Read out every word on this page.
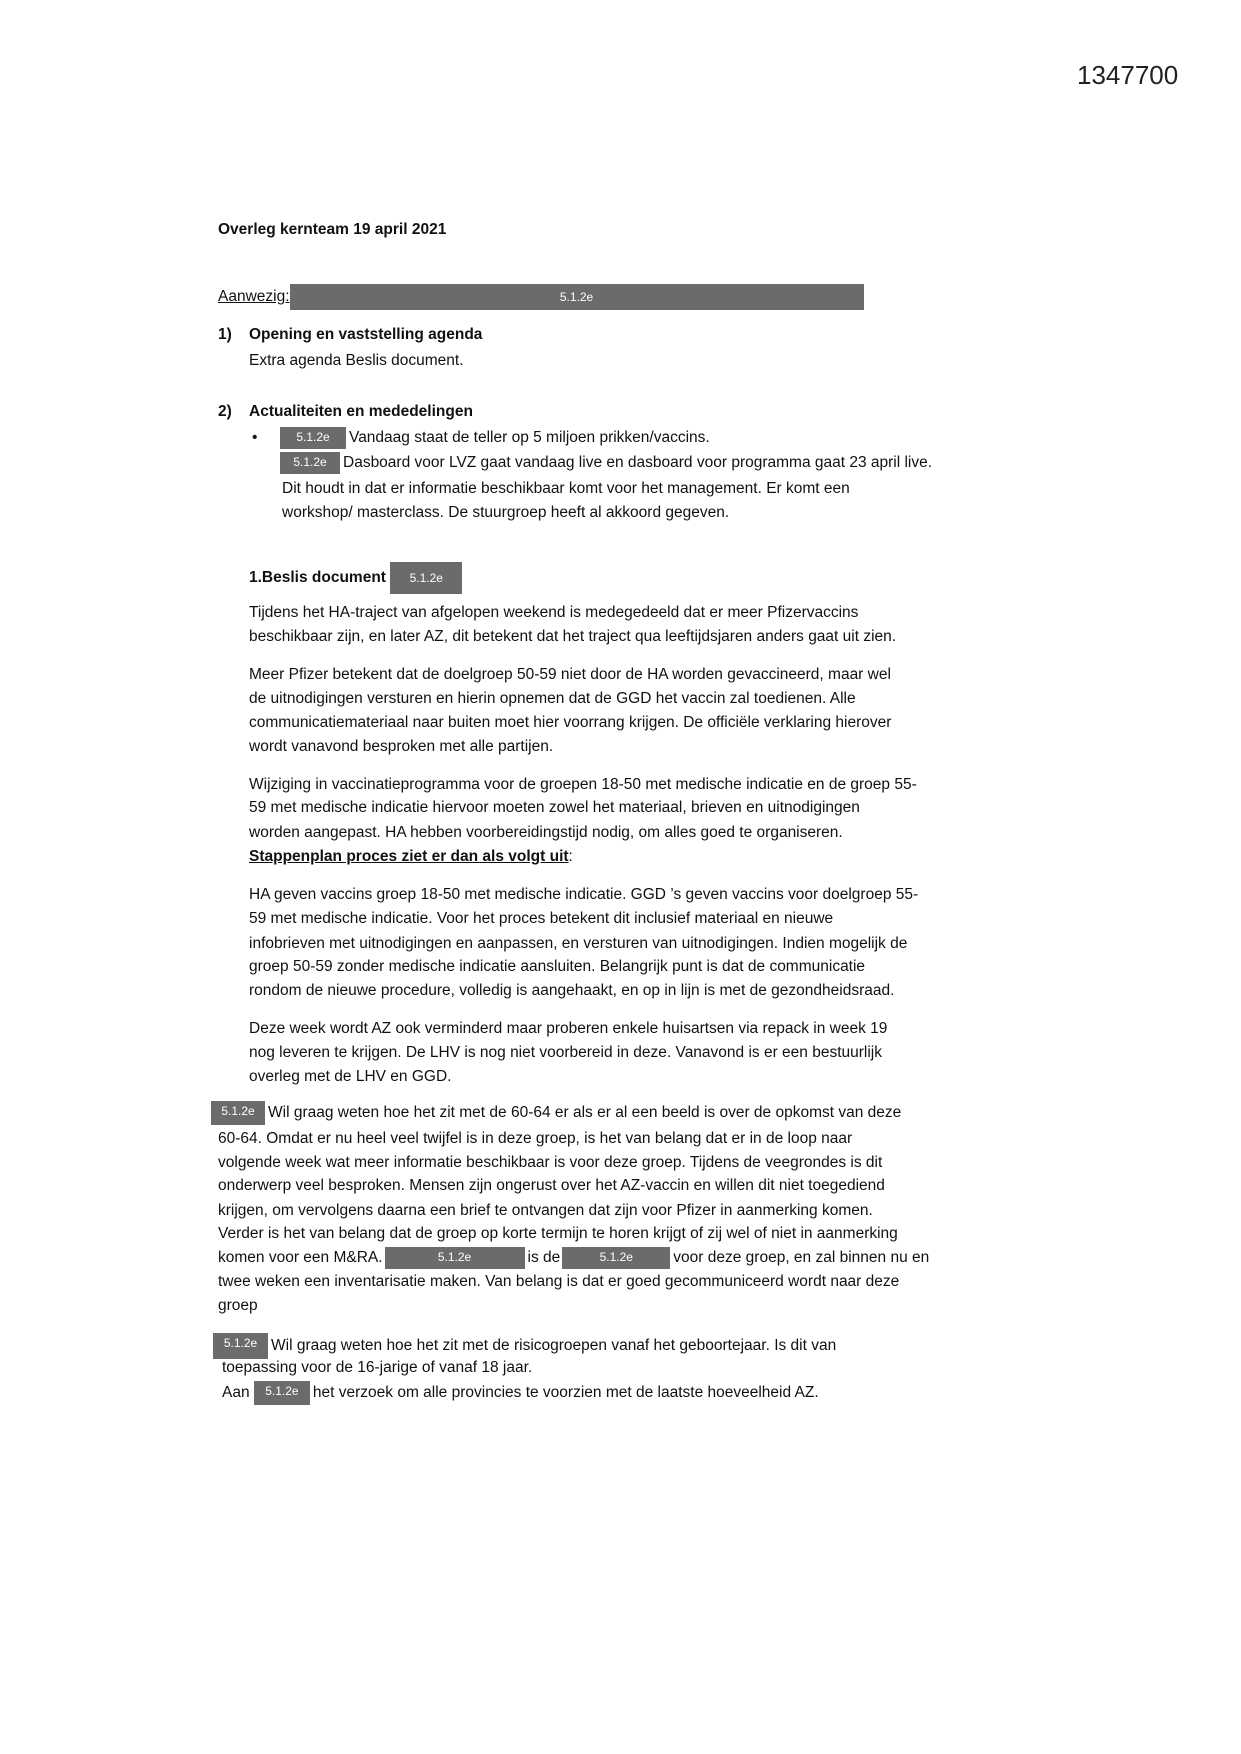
1347700
Overleg kernteam 19 april 2021
Aanwezig:	5.1.2e
1) Opening en vaststelling agenda
Extra agenda Beslis document.
2) Actualiteiten en mededelingen
•	5.1.2e Vandaag staat de teller op 5 miljoen prikken/vaccins.
5.1.2e Dasboard voor LVZ gaat vandaag live en dasboard voor programma gaat 23 april live.
Dit houdt in dat er informatie beschikbaar komt voor het management. Er komt een
workshop/ masterclass. De stuurgroep heeft al akkoord gegeven.
1.Beslis document 5.1.2e
Tijdens het HA-traject van afgelopen weekend is medegedeeld dat er meer Pfizervaccins
beschikbaar zijn, en later AZ, dit betekent dat het traject qua leeftijdsjaren anders gaat uit zien.
Meer Pfizer betekent dat de doelgroep 50-59 niet door de HA worden gevaccineerd, maar wel
de uitnodigingen versturen en hierin opnemen dat de GGD het vaccin zal toedienen. Alle
communicatiemateriaal naar buiten moet hier voorrang krijgen. De officiële verklaring hierover
wordt vanavond besproken met alle partijen.
Wijziging in vaccinatieprogramma voor de groepen 18-50 met medische indicatie en de groep 55-
59 met medische indicatie hiervoor moeten zowel het materiaal, brieven en uitnodigingen
worden aangepast. HA hebben voorbereidingstijd nodig, om alles goed te organiseren.
Stappenplan proces ziet er dan als volgt uit:
HA geven vaccins groep 18-50 met medische indicatie. GGD ’s geven vaccins voor doelgroep 55-
59 met medische indicatie. Voor het proces betekent dit inclusief materiaal en nieuwe
infobrieven met uitnodigingen en aanpassen, en versturen van uitnodigingen. Indien mogelijk de
groep 50-59 zonder medische indicatie aansluiten. Belangrijk punt is dat de communicatie
rondom de nieuwe procedure, volledig is aangehaakt, en op in lijn is met de gezondheidsraad.
Deze week wordt AZ ook verminderd maar proberen enkele huisartsen via repack in week 19
nog leveren te krijgen. De LHV is nog niet voorbereid in deze. Vanavond is er een bestuurlijk
overleg met de LHV en GGD.
5.1.2e Wil graag weten hoe het zit met de 60-64 er als er al een beeld is over de opkomst van deze
60-64. Omdat er nu heel veel twijfel is in deze groep, is het van belang dat er in de loop naar
volgende week wat meer informatie beschikbaar is voor deze groep. Tijdens de veegrondes is dit
onderwerp veel besproken. Mensen zijn ongerust over het AZ-vaccin en willen dit niet toegediend
krijgen, om vervolgens daarna een brief te ontvangen dat zijn voor Pfizer in aanmerking komen.
Verder is het van belang dat de groep op korte termijn te horen krijgt of zij wel of niet in aanmerking
komen voor een M&RA.	5.1.2e	is de	5.1.2e	voor deze groep, en zal binnen nu en
twee weken een inventarisatie maken. Van belang is dat er goed gecommuniceerd wordt naar deze
groep
5.1.2e Wil graag weten hoe het zit met de risicogroepen vanaf het geboortejaar. Is dit van
toepassing voor de 16-jarige of vanaf 18 jaar.
Aan 5.1.2e het verzoek om alle provincies te voorzien met de laatste hoeveelheid AZ.
